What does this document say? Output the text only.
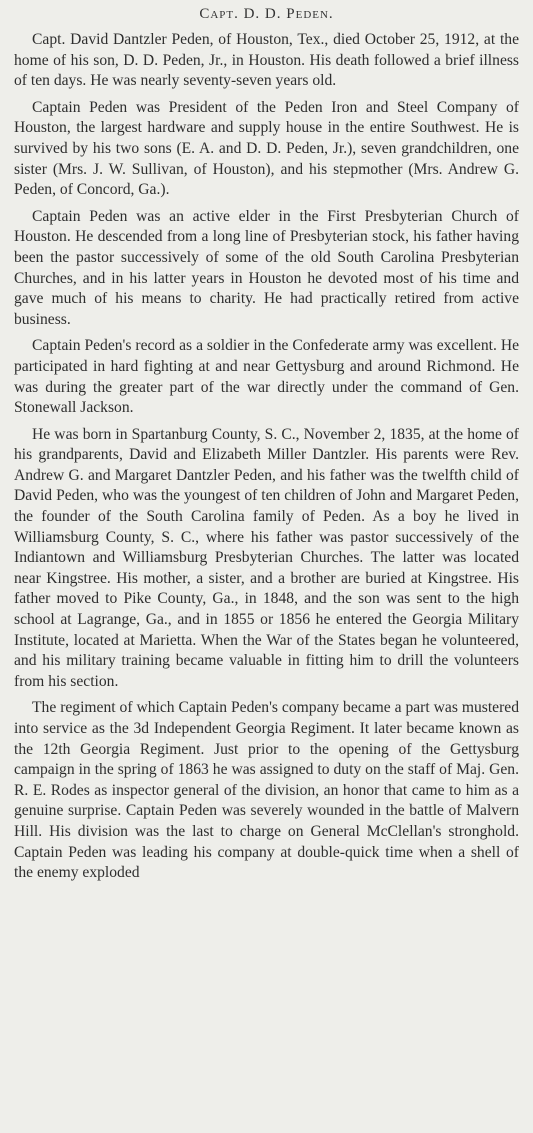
Capt. D. D. Peden.

Capt. David Dantzler Peden, of Houston, Tex., died October 25, 1912, at the home of his son, D. D. Peden, Jr., in Houston. His death followed a brief illness of ten days. He was nearly seventy-seven years old.

Captain Peden was President of the Peden Iron and Steel Company of Houston, the largest hardware and supply house in the entire Southwest. He is survived by his two sons (E. A. and D. D. Peden, Jr.), seven grandchildren, one sister (Mrs. J. W. Sullivan, of Houston), and his stepmother (Mrs. Andrew G. Peden, of Concord, Ga.).

Captain Peden was an active elder in the First Presbyterian Church of Houston. He descended from a long line of Presbyterian stock, his father having been the pastor successively of some of the old South Carolina Presbyterian Churches, and in his latter years in Houston he devoted most of his time and gave much of his means to charity. He had practically retired from active business.

Captain Peden's record as a soldier in the Confederate army was excellent. He participated in hard fighting at and near Gettysburg and around Richmond. He was during the greater part of the war directly under the command of Gen. Stonewall Jackson.

He was born in Spartanburg County, S. C., November 2, 1835, at the home of his grandparents, David and Elizabeth Miller Dantzler. His parents were Rev. Andrew G. and Margaret Dantzler Peden, and his father was the twelfth child of David Peden, who was the youngest of ten children of John and Margaret Peden, the founder of the South Carolina family of Peden. As a boy he lived in Williamsburg County, S. C., where his father was pastor successively of the Indiantown and Williamsburg Presbyterian Churches. The latter was located near Kingstree. His mother, a sister, and a brother are buried at Kingstree. His father moved to Pike County, Ga., in 1848, and the son was sent to the high school at Lagrange, Ga., and in 1855 or 1856 he entered the Georgia Military Institute, located at Marietta. When the War of the States began he volunteered, and his military training became valuable in fitting him to drill the volunteers from his section.

The regiment of which Captain Peden's company became a part was mustered into service as the 3d Independent Georgia Regiment. It later became known as the 12th Georgia Regiment. Just prior to the opening of the Gettysburg campaign in the spring of 1863 he was assigned to duty on the staff of Maj. Gen. R. E. Rodes as inspector general of the division, an honor that came to him as a genuine surprise. Captain Peden was severely wounded in the battle of Malvern Hill. His division was the last to charge on General McClellan's stronghold. Captain Peden was leading his company at double-quick time when a shell of the enemy exploded
